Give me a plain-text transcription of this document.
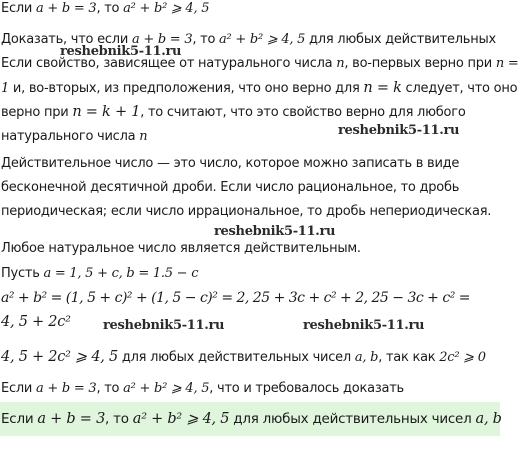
Если a + b = 3, то a² + b² ⩾ 4, 5
Доказать, что если a + b = 3, то a² + b² ⩾ 4, 5 для любых действительных
reshebnik5-11.ru
Если свойство, зависящее от натурального числа n, во-первых верно при n =
1 и, во-вторых, из предположения, что оно верно для n = k следует, что оно
верно при n = k + 1, то считают, что это свойство верно для любого
натурального числа n	reshebnik5-11.ru
Действительное число — это число, которое можно записать в виде
бесконечной десятичной дроби. Если число рациональное, то дробь
периодическая; если число иррациональное, то дробь непериодическая.
reshebnik5-11.ru
Любое натуральное число является действительным.
Пусть a = 1, 5 + c, b = 1.5 − c
a² + b² = (1, 5 + c)² + (1, 5 − c)² = 2, 25 + 3c + c² + 2, 25 − 3c + c² =
4, 5 + 2c² reshebnik5-11.ru	reshebnik5-11.ru
4, 5 + 2c² ⩾ 4, 5 для любых действительных чисел a, b, так как 2c² ⩾ 0
Если a + b = 3, то a² + b² ⩾ 4, 5, что и требовалось доказать
Если a + b = 3, то a² + b² ⩾ 4, 5 для любых действительных чисел a, b
